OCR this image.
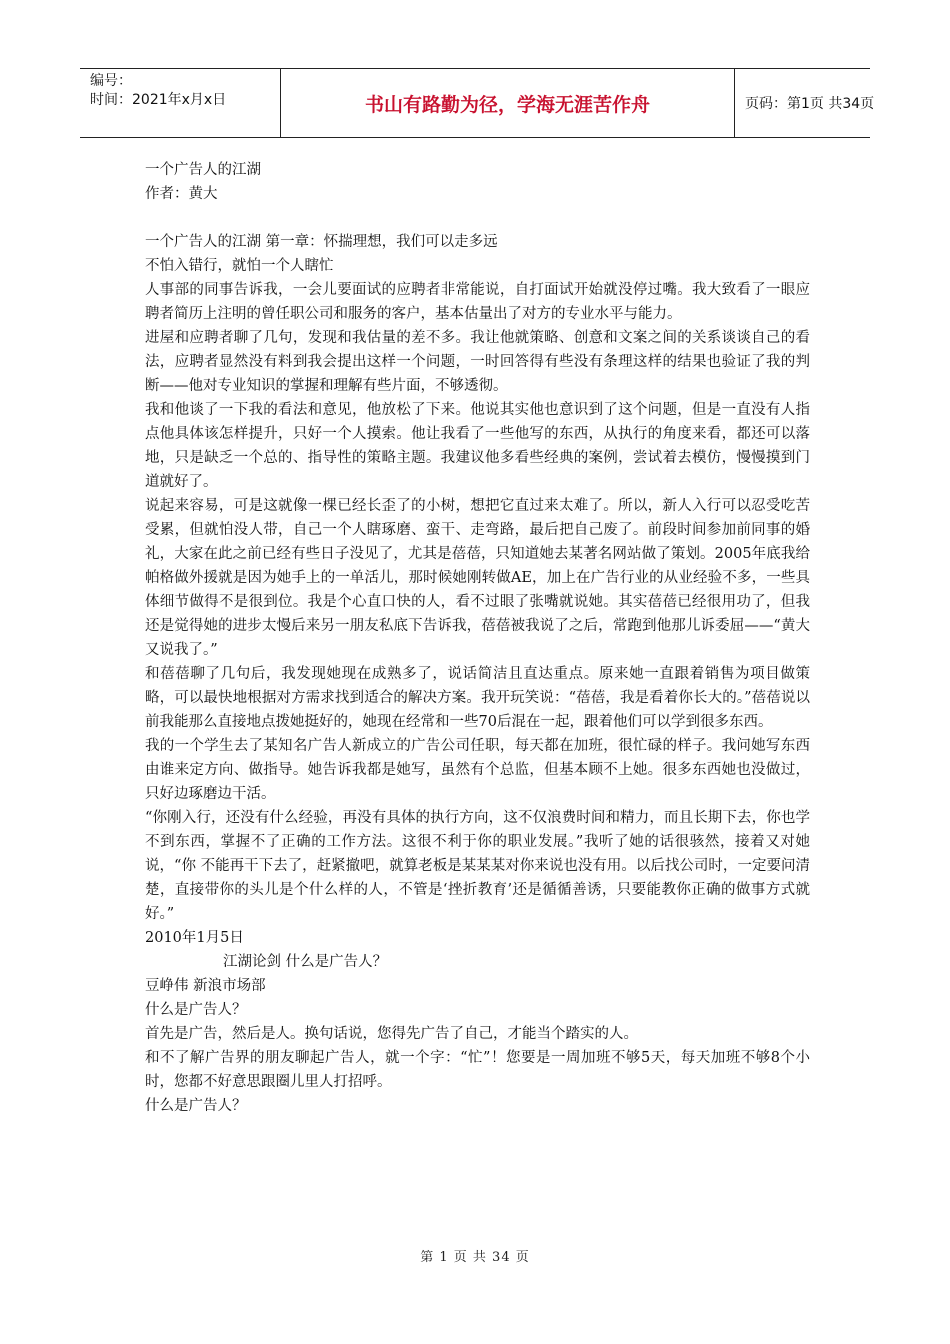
编号：
时间：2021年x月x日	书山有路勤为径，学海无涯苦作舟	页码：第1页 共34页

一个广告人的江湖

作者：黄大

一个广告人的江湖 第一章：怀揣理想，我们可以走多远

不怕入错行，就怕一个人瞎忙

人事部的同事告诉我，一会儿要面试的应聘者非常能说，自打面试开始就没停过嘴。我大致看了一眼应聘者简历上注明的曾任职公司和服务的客户，基本估量出了对方的专业水平与能力。

进屋和应聘者聊了几句，发现和我估量的差不多。我让他就策略、创意和文案之间的关系谈谈自己的看法，应聘者显然没有料到我会提出这样一个问题，一时回答得有些没有条理这样的结果也验证了我的判断——他对专业知识的掌握和理解有些片面，不够透彻。

我和他谈了一下我的看法和意见，他放松了下来。他说其实他也意识到了这个问题，但是一直没有人指点他具体该怎样提升，只好一个人摸索。他让我看了一些他写的东西，从执行的角度来看，都还可以落地，只是缺乏一个总的、指导性的策略主题。我建议他多看些经典的案例，尝试着去模仿，慢慢摸到门道就好了。

说起来容易，可是这就像一棵已经长歪了的小树，想把它直过来太难了。所以，新人入行可以忍受吃苦受累，但就怕没人带，自己一个人瞎琢磨、蛮干、走弯路，最后把自己废了。前段时间参加前同事的婚礼，大家在此之前已经有些日子没见了，尤其是蓓蓓，只知道她去某著名网站做了策划。2005年底我给帕格做外援就是因为她手上的一单活儿，那时候她刚转做AE，加上在广告行业的从业经验不多，一些具体细节做得不是很到位。我是个心直口快的人，看不过眼了张嘴就说她。其实蓓蓓已经很用功了，但我还是觉得她的进步太慢后来另一朋友私底下告诉我，蓓蓓被我说了之后，常跑到他那儿诉委屈——“黄大又说我了。”

和蓓蓓聊了几句后，我发现她现在成熟多了，说话简洁且直达重点。原来她一直跟着销售为项目做策略，可以最快地根据对方需求找到适合的解决方案。我开玩笑说：“蓓蓓，我是看着你长大的。”蓓蓓说以前我能那么直接地点拨她挺好的，她现在经常和一些70后混在一起，跟着他们可以学到很多东西。

我的一个学生去了某知名广告人新成立的广告公司任职，每天都在加班，很忙碌的样子。我问她写东西由谁来定方向、做指导。她告诉我都是她写，虽然有个总监，但基本顾不上她。很多东西她也没做过，只好边琢磨边干活。

“你刚入行，还没有什么经验，再没有具体的执行方向，这不仅浪费时间和精力，而且长期下去，你也学不到东西，掌握不了正确的工作方法。这很不利于你的职业发展。”我听了她的话很骇然，接着又对她说，“你 不能再干下去了，赶紧撤吧，就算老板是某某某对你来说也没有用。以后找公司时，一定要问清楚，直接带你的头儿是个什么样的人，不管是‘挫折教育’还是循循善诱，只要能教你正确的做事方式就好。”

2010年1月5日

江湖论剑 什么是广告人？

豆峥伟 新浪市场部

什么是广告人？

首先是广告，然后是人。换句话说，您得先广告了自己，才能当个踏实的人。

和不了解广告界的朋友聊起广告人，就一个字：“忙”！您要是一周加班不够5天，每天加班不够8个小时，您都不好意思跟圈儿里人打招呼。

什么是广告人？

第 1 页 共 34 页
